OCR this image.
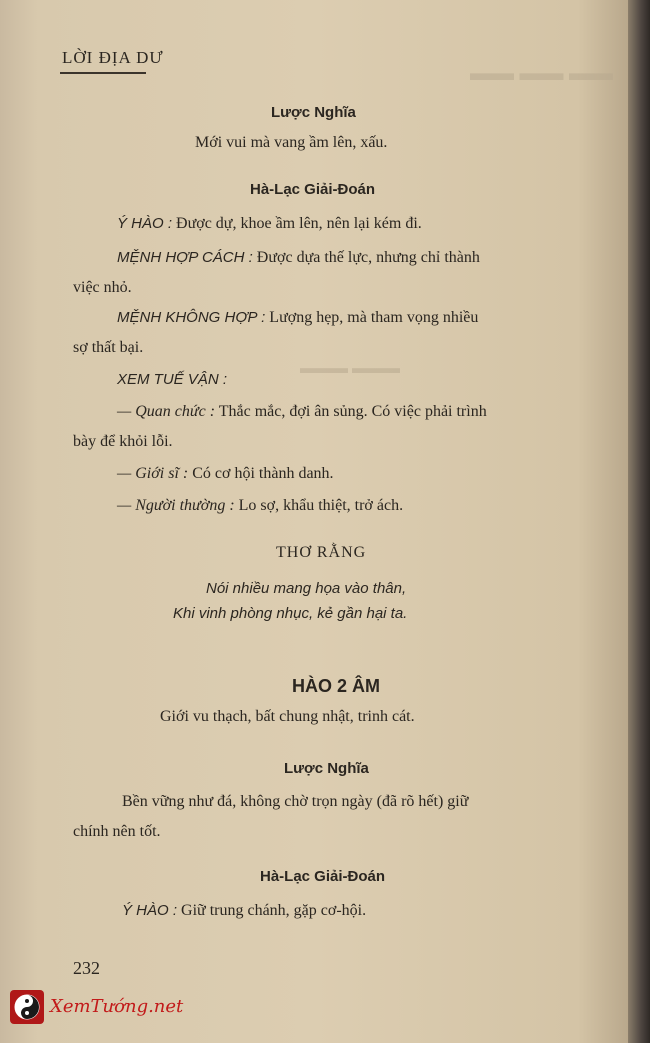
▬▬ ▬▬ ▬▬
▬▬▬ ▬▬▬
LỜI ĐỊA DƯ
Lược Nghĩa
Mới vui mà vang ầm lên, xấu.
Hà-Lạc Giải-Đoán
Ý HÀO : Được dự, khoe ầm lên, nên lại kém đi.
MỆNH HỢP CÁCH : Được dựa thế lực, nhưng chỉ thành
việc nhỏ.
MỆNH KHÔNG HỢP : Lượng hẹp, mà tham vọng nhiều
sợ thất bại.
XEM TUẾ VẬN :
— Quan chức : Thắc mắc, đợi ân sủng. Có việc phải trình
bày để khỏi lỗi.
— Giới sĩ : Có cơ hội thành danh.
— Người thường : Lo sợ, khẩu thiệt, trở ách.
THƠ RẰNG
Nói nhiều mang họa vào thân,
Khi vinh phòng nhục, kẻ gần hại ta.
HÀO 2 ÂM
Giới vu thạch, bất chung nhật, trinh cát.
Lược Nghĩa
Bền vững như đá, không chờ trọn ngày (đã rõ hết) giữ
chính nên tốt.
Hà-Lạc Giải-Đoán
Ý HÀO : Giữ trung chánh, gặp cơ-hội.
232
XemTướng.net
